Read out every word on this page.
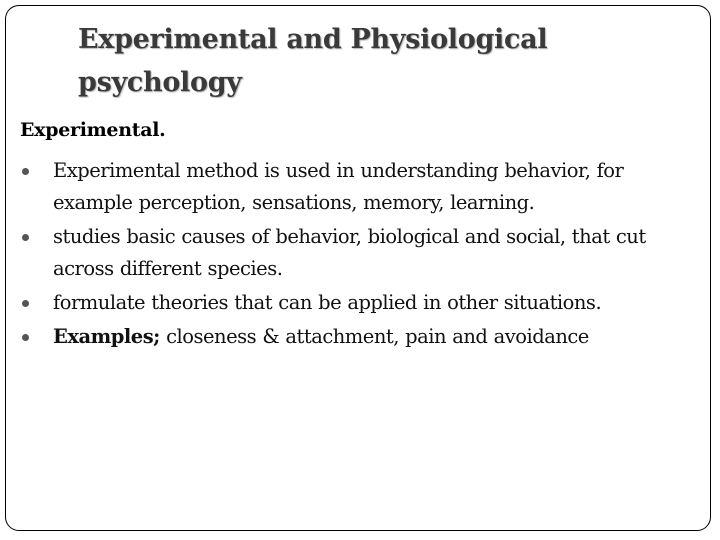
Experimental and Physiological
psychology
Experimental.
Experimental method is used in understanding behavior, for example perception, sensations, memory, learning.
studies basic causes of behavior, biological and social, that cut across different species.
formulate theories that can be applied in other situations.
Examples; closeness & attachment, pain and avoidance
